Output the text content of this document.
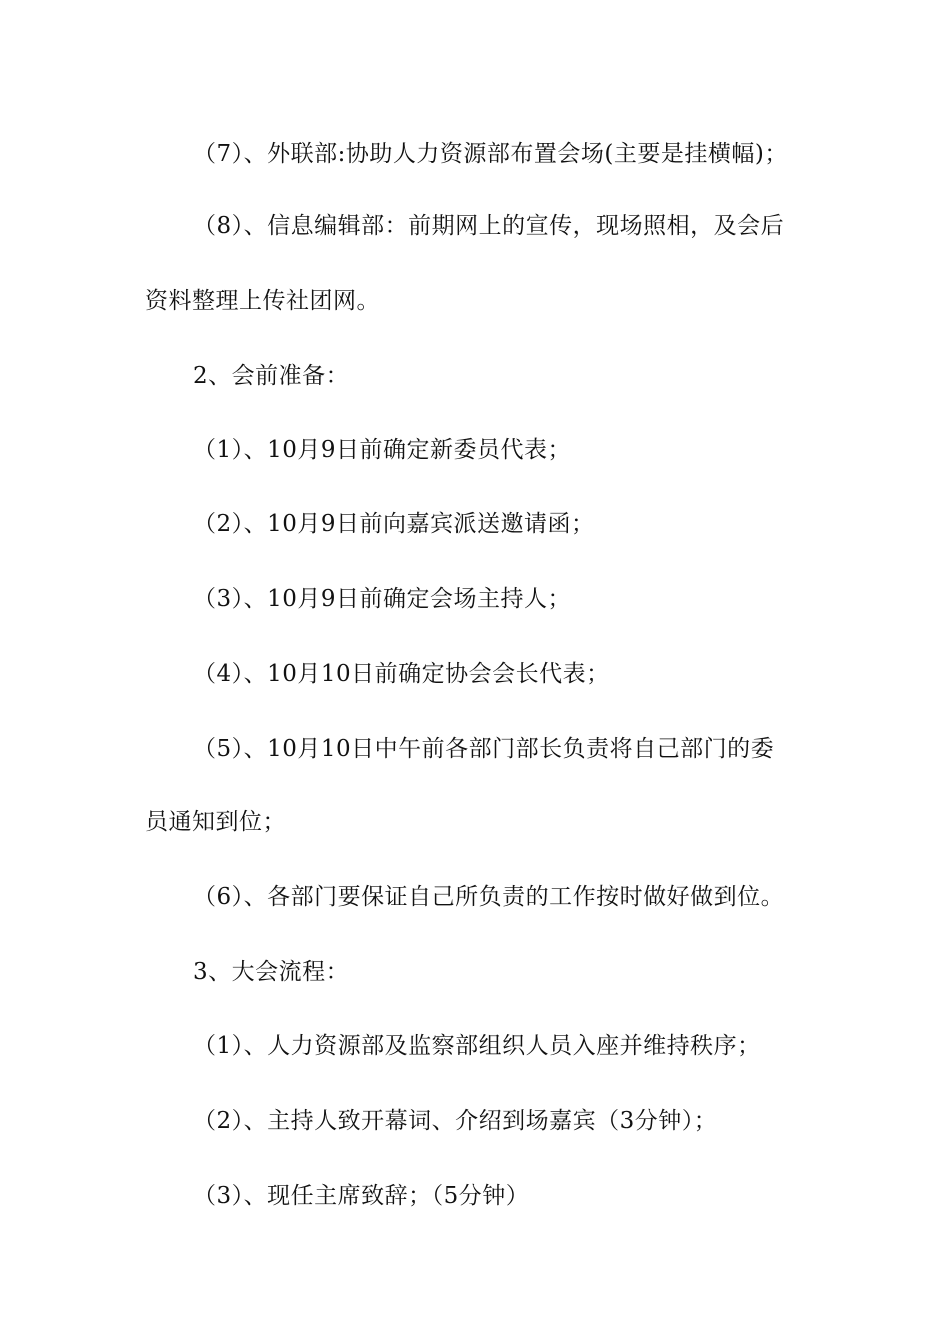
（7）、外联部:协助人力资源部布置会场(主要是挂横幅)；
（8）、信息编辑部：前期网上的宣传，现场照相，及会后
资料整理上传社团网。
2、会前准备：
（1）、10月9日前确定新委员代表；
（2）、10月9日前向嘉宾派送邀请函；
（3）、10月9日前确定会场主持人；
（4）、10月10日前确定协会会长代表；
（5）、10月10日中午前各部门部长负责将自己部门的委
员通知到位；
（6）、各部门要保证自己所负责的工作按时做好做到位。
3、大会流程：
（1）、人力资源部及监察部组织人员入座并维持秩序；
（2）、主持人致开幕词、介绍到场嘉宾（3分钟）；
（3）、现任主席致辞；（5分钟）
